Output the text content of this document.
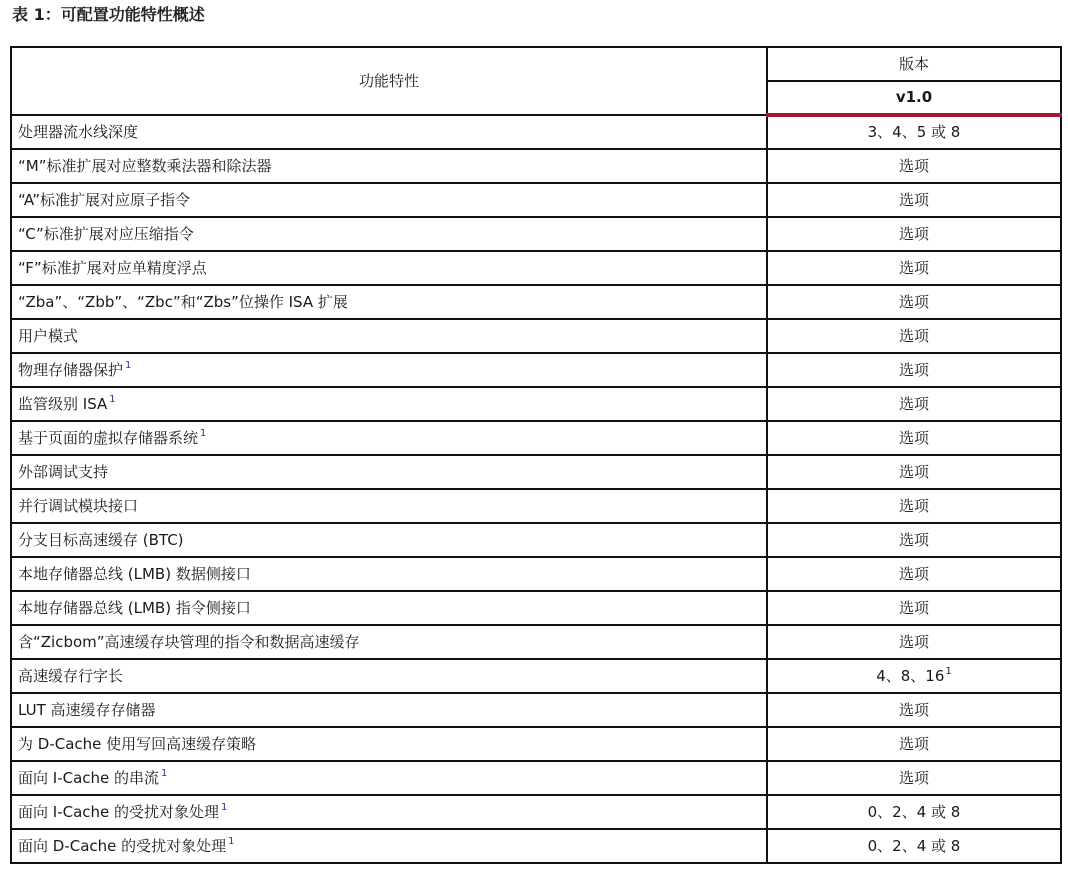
表 1：可配置功能特性概述
功能特性	版本
	v1.0
处理器流水线深度	3、4、5 或 8
“M”标准扩展对应整数乘法器和除法器	选项
“A”标准扩展对应原子指令	选项
“C”标准扩展对应压缩指令	选项
“F”标准扩展对应单精度浮点	选项
“Zba”、“Zbb”、“Zbc”和“Zbs”位操作 ISA 扩展	选项
用户模式	选项
物理存储器保护 $^1$	选项
监管级别 ISA $^1$	选项
基于页面的虚拟存储器系统 $^1$	选项
外部调试支持	选项
并行调试模块接口	选项
分支目标高速缓存 (BTC)	选项
本地存储器总线 (LMB) 数据侧接口	选项
本地存储器总线 (LMB) 指令侧接口	选项
含“Zicbom”高速缓存块管理的指令和数据高速缓存	选项
高速缓存行字长	4、8、$16^1$
LUT 高速缓存存储器	选项
为 D-Cache 使用写回高速缓存策略	选项
面向 I-Cache 的串流 $^1$	选项
面向 I-Cache 的受扰对象处理 $^1$	0、2、4 或 8
面向 D-Cache 的受扰对象处理 $^1$	0、2、4 或 8
